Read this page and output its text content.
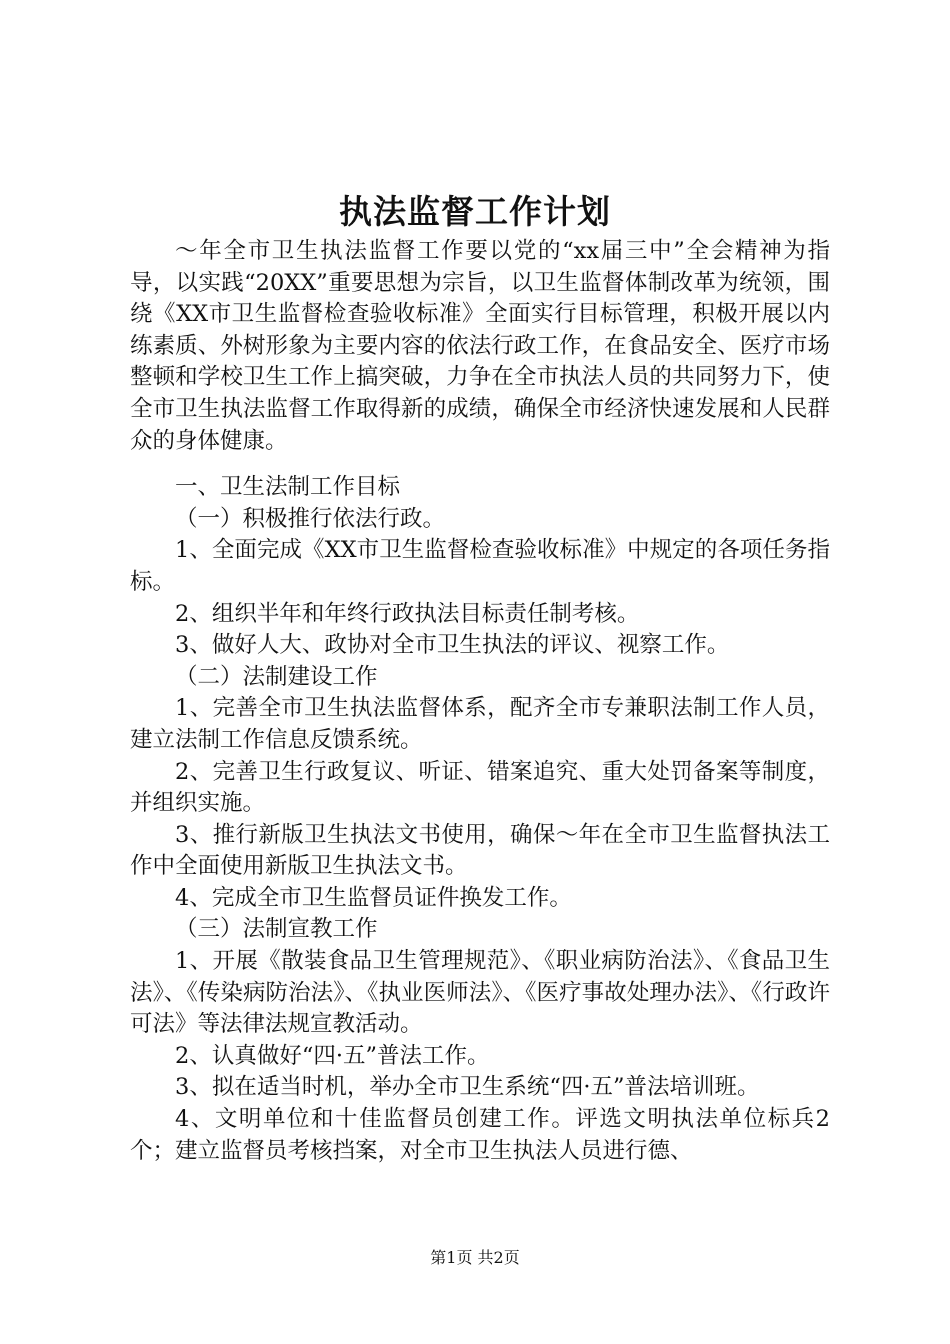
执法监督工作计划

～年全市卫生执法监督工作要以党的“xx届三中”全会精神为指导，以实践“20XX”重要思想为宗旨，以卫生监督体制改革为统领，围绕《XX市卫生监督检查验收标准》全面实行目标管理，积极开展以内练素质、外树形象为主要内容的依法行政工作，在食品安全、医疗市场整顿和学校卫生工作上搞突破，力争在全市执法人员的共同努力下，使全市卫生执法监督工作取得新的成绩，确保全市经济快速发展和人民群众的身体健康。

一、卫生法制工作目标

（一）积极推行依法行政。

1、全面完成《XX市卫生监督检查验收标准》中规定的各项任务指标。

2、组织半年和年终行政执法目标责任制考核。

3、做好人大、政协对全市卫生执法的评议、视察工作。

（二）法制建设工作

1、完善全市卫生执法监督体系，配齐全市专兼职法制工作人员，建立法制工作信息反馈系统。

2、完善卫生行政复议、听证、错案追究、重大处罚备案等制度，并组织实施。

3、推行新版卫生执法文书使用，确保～年在全市卫生监督执法工作中全面使用新版卫生执法文书。

4、完成全市卫生监督员证件换发工作。

（三）法制宣教工作

1、开展《散装食品卫生管理规范》、《职业病防治法》、《食品卫生法》、《传染病防治法》、《执业医师法》、《医疗事故处理办法》、《行政许可法》等法律法规宣教活动。

2、认真做好“四·五”普法工作。

3、拟在适当时机，举办全市卫生系统“四·五”普法培训班。

4、文明单位和十佳监督员创建工作。评选文明执法单位标兵2个；建立监督员考核挡案，对全市卫生执法人员进行德、

第1页 共2页
